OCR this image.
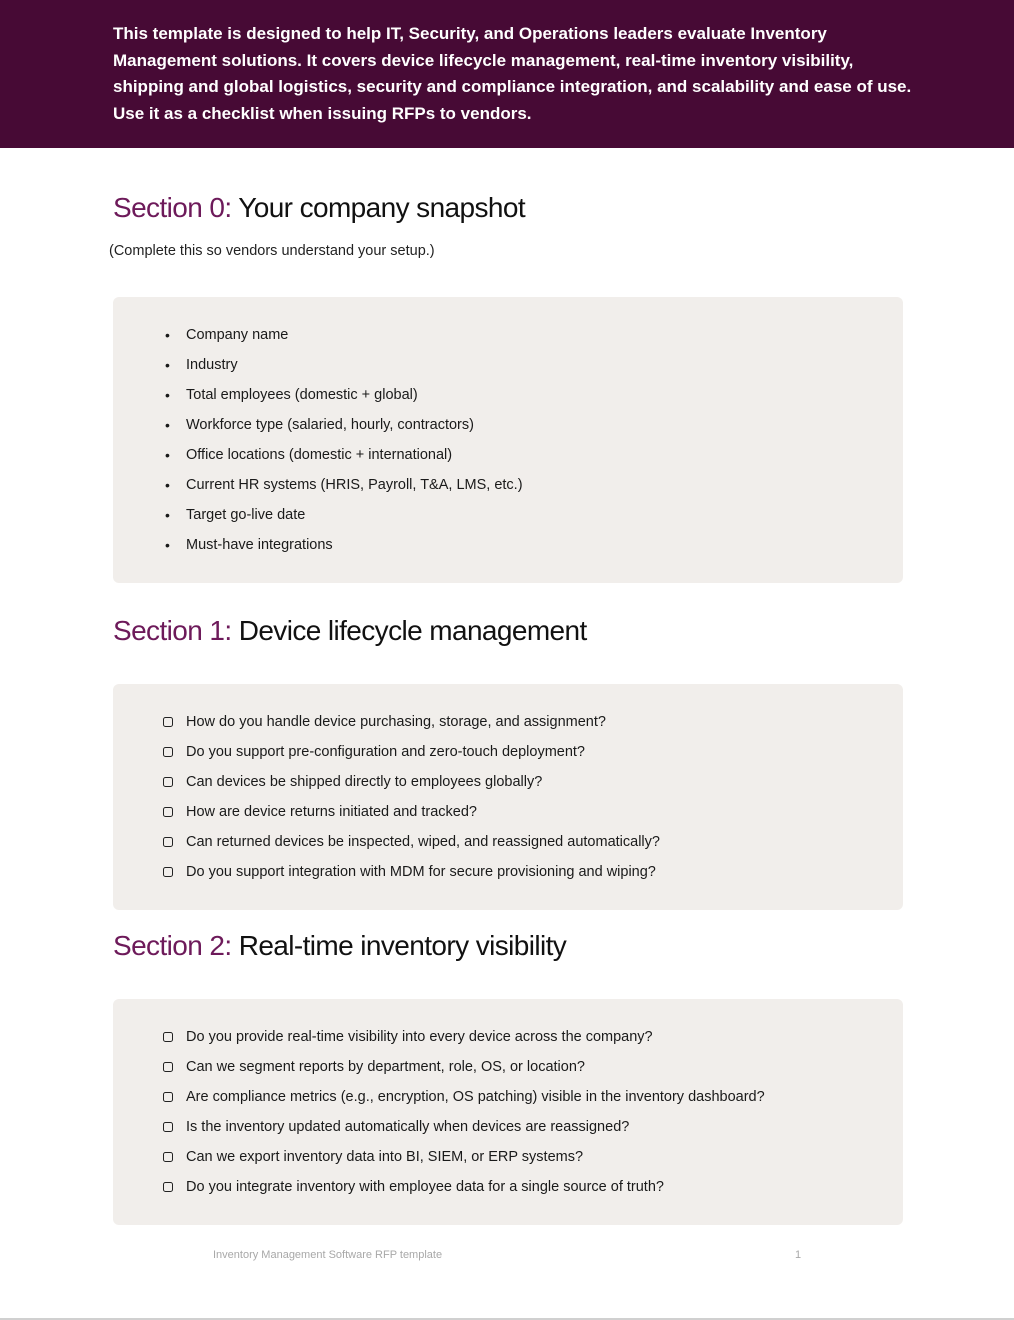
This template is designed to help IT, Security, and Operations leaders evaluate Inventory Management solutions. It covers device lifecycle management, real-time inventory visibility, shipping and global logistics, security and compliance integration, and scalability and ease of use. Use it as a checklist when issuing RFPs to vendors.

Section 0: Your company snapshot

(Complete this so vendors understand your setup.)

• Company name
• Industry
• Total employees (domestic + global)
• Workforce type (salaried, hourly, contractors)
• Office locations (domestic + international)
• Current HR systems (HRIS, Payroll, T&A, LMS, etc.)
• Target go-live date
• Must-have integrations
Section 1: Device lifecycle management
How do you handle device purchasing, storage, and assignment?
Do you support pre-configuration and zero-touch deployment?
Can devices be shipped directly to employees globally?
How are device returns initiated and tracked?
Can returned devices be inspected, wiped, and reassigned automatically?
Do you support integration with MDM for secure provisioning and wiping?
Section 2: Real-time inventory visibility
Do you provide real-time visibility into every device across the company?
Can we segment reports by department, role, OS, or location?
Are compliance metrics (e.g., encryption, OS patching) visible in the inventory dashboard?
Is the inventory updated automatically when devices are reassigned?
Can we export inventory data into BI, SIEM, or ERP systems?
Do you integrate inventory with employee data for a single source of truth?
Inventory Management Software RFP template	1
